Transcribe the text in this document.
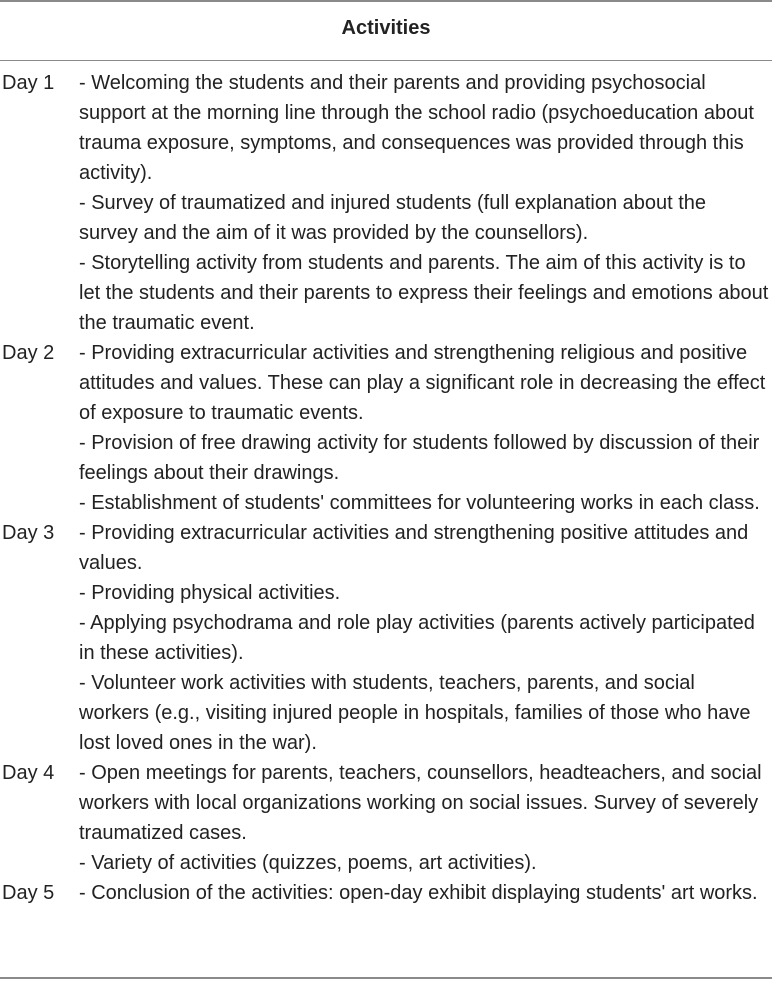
Activities
Day 1	- Welcoming the students and their parents and providing psychosocial support at the morning line through the school radio (psychoeducation about trauma exposure, symptoms, and consequences was provided through this activity).
- Survey of traumatized and injured students (full explanation about the survey and the aim of it was provided by the counsellors).
- Storytelling activity from students and parents. The aim of this activity is to let the students and their parents to express their feelings and emotions about the traumatic event.
Day 2	- Providing extracurricular activities and strengthening religious and positive attitudes and values. These can play a significant role in decreasing the effect of exposure to traumatic events.
- Provision of free drawing activity for students followed by discussion of their feelings about their drawings.
- Establishment of students' committees for volunteering works in each class.
Day 3	- Providing extracurricular activities and strengthening positive attitudes and values.
- Providing physical activities.
- Applying psychodrama and role play activities (parents actively participated in these activities).
- Volunteer work activities with students, teachers, parents, and social workers (e.g., visiting injured people in hospitals, families of those who have lost loved ones in the war).
Day 4	- Open meetings for parents, teachers, counsellors, headteachers, and social workers with local organizations working on social issues. Survey of severely traumatized cases.
- Variety of activities (quizzes, poems, art activities).
Day 5	- Conclusion of the activities: open-day exhibit displaying students' art works.
